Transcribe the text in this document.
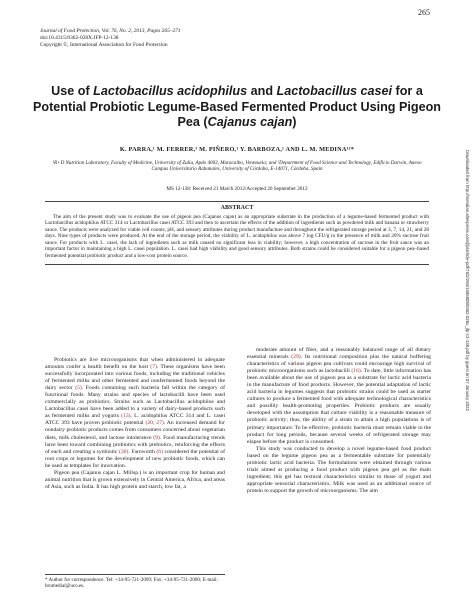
265
Journal of Food Protection, Vol. 76, No. 2, 2013, Pages 265–271
doi:10.4315/0362-028X.JFP-12-138
Copyright ©, International Association for Food Protection
Use of Lactobacillus acidophilus and Lactobacillus casei for a Potential Probiotic Legume-Based Fermented Product Using Pigeon Pea (Cajanus cajan)
K. PARRA,¹ M. FERRER,¹ M. PIÑERO,¹ Y. BARBOZA,¹ AND L. M. MEDINA¹²*
¹R+D Nutrition Laboratory, Faculty of Medicine, University of Zulia, Apdo 4003, Maracaibo, Venezuela; and ²Department of Food Science and Technology, Edificio Darwin, Anexo Campus Universitario Rabanales, University of Córdoba, E-14071, Córdoba, Spain
MS 12-138: Received 21 March 2012/Accepted 26 September 2012
ABSTRACT
The aim of the present study was to evaluate the use of pigeon pea (Cajanus cajan) as an appropriate substrate in the production of a legume-based fermented product with Lactobacillus acidophilus ATCC 314 or Lactobacillus casei ATCC 393 and then to ascertain the effects of the addition of ingredients such as powdered milk and banana or strawberry sauce. The products were analyzed for viable cell counts, pH, and sensory attributes during product manufacture and throughout the refrigerated storage period at 3, 7, 14, 21, and 28 days. Nine types of products were produced. At the end of the storage period, the viability of L. acidophilus was above 7 log CFU/g in the presence of milk and 20% sucrose fruit sauce. For products with L. casei, the lack of ingredients such as milk caused no significant loss in viability; however, a high concentration of sucrose in the fruit sauce was an important factor in maintaining a high L. casei population. L. casei had high viability and good sensory attributes. Both strains could be considered suitable for a pigeon pea–based fermented potential probiotic product and a low-cost protein source.

Probiotics are live microorganisms that when administered in adequate amounts confer a health benefit on the host (7). These organisms have been successfully incorporated into various foods, including the traditional vehicles of fermented milks and other fermented and nonfermented foods beyond the dairy sector (5). Foods containing such bacteria fall within the category of functional foods. Many strains and species of lactobacilli have been used commercially as probiotics. Strains such as Lactobacillus acidophilus and Lactobacillus casei have been added to a variety of dairy-based products such as fermented milks and yogurts (13). L. acidophilus ATCC 314 and L. casei ATCC 393 have proven probiotic potential (20, 27). An increased demand for nondairy probiotic products comes from consumers concerned about vegetarian diets, milk cholesterol, and lactose intolerance (9). Food manufacturing trends have been toward combining probiotics with prebiotics, reinforcing the effects of each and creating a synbiotic (30). Farnworth (6) considered the potential of root crops or legumes for the development of new probiotic foods, which can be used as templates for innovation.

Pigeon pea (Cajanus cajan L. Millsp.) is an important crop for human and animal nutrition that is grown extensively in Central America, Africa, and areas of Asia, such as India. It has high protein and starch, low fat, a

moderate amount of fiber, and a reasonably balanced range of all dietary essential minerals (29). Its nutritional composition plus the natural buffering characteristics of various pigeon pea cultivars could encourage high survival of probiotic microorganisms such as lactobacilli (16). To date, little information has been available about the use of pigeon pea as a substrate for lactic acid bacteria in the manufacture of food products. However, the potential adaptation of lactic acid bacteria in legumes suggests that probiotic strains could be used as starter cultures to produce a fermented food with adequate technological characteristics and possibly health-promoting properties. Probiotic products are usually developed with the assumption that culture viability is a reasonable measure of probiotic activity; thus, the ability of a strain to attain a high populations is of primary importance. To be effective, probiotic bacteria must remain viable in the product for long periods, because several weeks of refrigerated storage may elapse before the product is consumed.

This study was conducted to develop a novel legume-based food product based on the legume pigeon pea as a fermentable substrate for potentially probiotic lactic acid bacteria. The formulations were obtained through various trials aimed at producing a food product with pigeon pea gel as the main ingredient; this gel has textural characteristics similar to those of yogurt and appropriate sensorial characteristics. Milk was used as an additional source of protein to support the growth of microorganisms. The aim

* Author for correspondence. Tel: +34-95-721-2009; Fax: +34-95-721-2000; E-mail: bromedial@uco.es.
Downloaded from http://meridian.allenpress.com/jfp/article-pdf/76/2/265/1685808/0362-028x_jfp-12-138.pdf by guest on 07 January 2022
